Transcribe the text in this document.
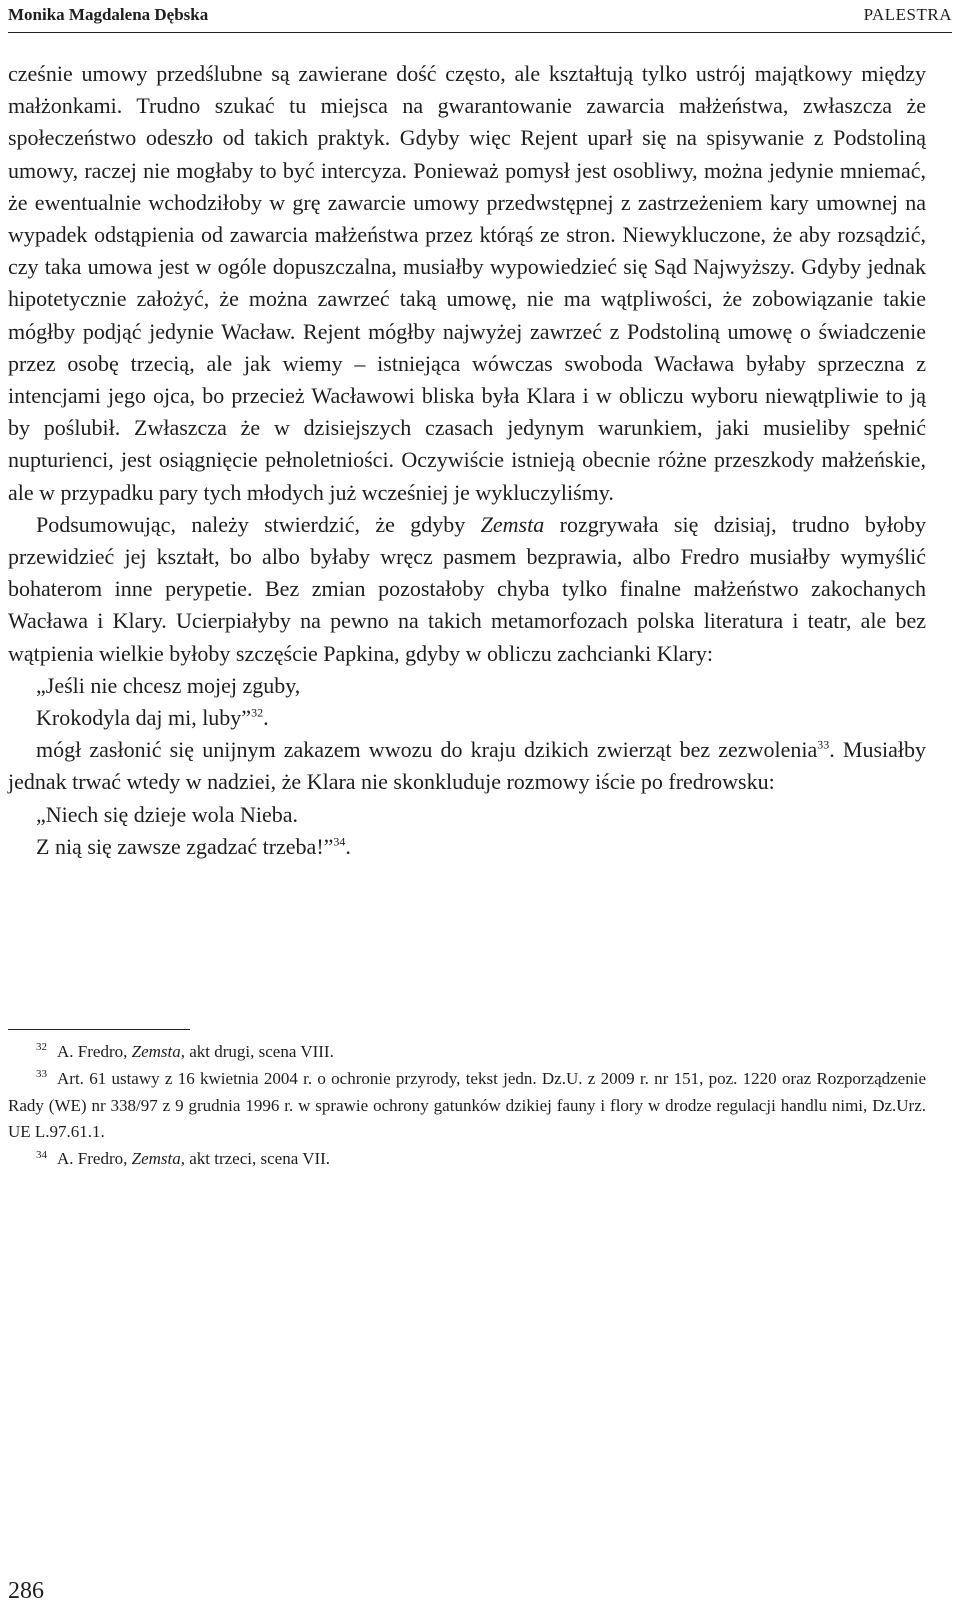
Monika Magdalena Dębska	PALESTRA

cześnie umowy przedślubne są zawierane dość często, ale kształtują tylko ustrój majątkowy między małżonkami. Trudno szukać tu miejsca na gwarantowanie zawarcia małżeństwa, zwłaszcza że społeczeństwo odeszło od takich praktyk. Gdyby więc Rejent uparł się na spisywanie z Podstoliną umowy, raczej nie mogłaby to być intercyza. Ponieważ pomysł jest osobliwy, można jedynie mniemać, że ewentualnie wchodziłoby w grę zawarcie umowy przedwstępnej z zastrzeżeniem kary umownej na wypadek odstąpienia od zawarcia małżeństwa przez którąś ze stron. Niewykluczone, że aby rozsądzić, czy taka umowa jest w ogóle dopuszczalna, musiałby wypowiedzieć się Sąd Najwyższy. Gdyby jednak hipotetycznie założyć, że można zawrzeć taką umowę, nie ma wątpliwości, że zobowiązanie takie mógłby podjąć jedynie Wacław. Rejent mógłby najwyżej zawrzeć z Podstoliną umowę o świadczenie przez osobę trzecią, ale jak wiemy – istniejąca wówczas swoboda Wacława byłaby sprzeczna z intencjami jego ojca, bo przecież Wacławowi bliska była Klara i w obliczu wyboru niewątpliwie to ją by poślubił. Zwłaszcza że w dzisiejszych czasach jedynym warunkiem, jaki musieliby spełnić nupturienci, jest osiągnięcie pełnoletniości. Oczywiście istnieją obecnie różne przeszkody małżeńskie, ale w przypadku pary tych młodych już wcześniej je wykluczyliśmy.

Podsumowując, należy stwierdzić, że gdyby Zemsta rozgrywała się dzisiaj, trudno byłoby przewidzieć jej kształt, bo albo byłaby wręcz pasmem bezprawia, albo Fredro musiałby wymyślić bohaterom inne perypetie. Bez zmian pozostałoby chyba tylko finalne małżeństwo zakochanych Wacława i Klary. Ucierpiałyby na pewno na takich metamorfozach polska literatura i teatr, ale bez wątpienia wielkie byłoby szczęście Papkina, gdyby w obliczu zachcianki Klary:

„Jeśli nie chcesz mojej zguby,

Krokodyla daj mi, luby”$^{32}$.

mógł zasłonić się unijnym zakazem wwozu do kraju dzikich zwierząt bez zezwolenia$^{33}$. Musiałby jednak trwać wtedy w nadziei, że Klara nie skonkluduje rozmowy iście po fredrowsku:

„Niech się dzieje wola Nieba.

Z nią się zawsze zgadzać trzeba!”$^{34}$.

$^{32}$ A. Fredro, Zemsta, akt drugi, scena VIII.

$^{33}$ Art. 61 ustawy z 16 kwietnia 2004 r. o ochronie przyrody, tekst jedn. Dz.U. z 2009 r. nr 151, poz. 1220 oraz Rozporządzenie Rady (WE) nr 338/97 z 9 grudnia 1996 r. w sprawie ochrony gatunków dzikiej fauny i flory w drodze regulacji handlu nimi, Dz.Urz. UE L.97.61.1.

$^{34}$ A. Fredro, Zemsta, akt trzeci, scena VII.

286
